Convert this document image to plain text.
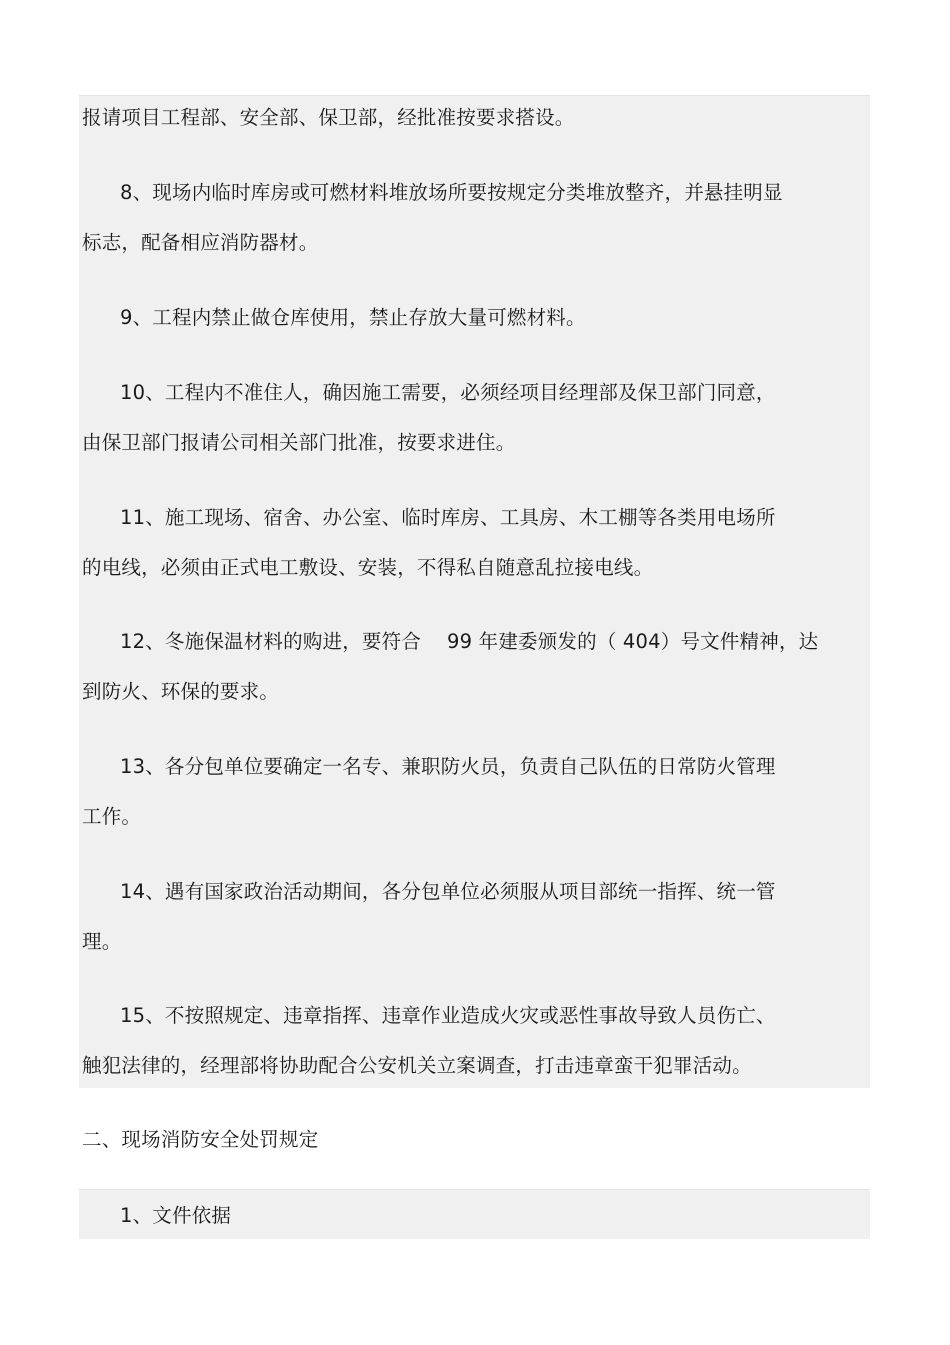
报请项目工程部、安全部、保卫部，经批准按要求搭设。
8、现场内临时库房或可燃材料堆放场所要按规定分类堆放整齐，并悬挂明显
标志，配备相应消防器材。
9、工程内禁止做仓库使用，禁止存放大量可燃材料。
10、工程内不准住人，确因施工需要，必须经项目经理部及保卫部门同意，
由保卫部门报请公司相关部门批准，按要求进住。
11、施工现场、宿舍、办公室、临时库房、工具房、木工棚等各类用电场所
的电线，必须由正式电工敷设、安装，不得私自随意乱拉接电线。
12、冬施保温材料的购进，要符合 99 年建委颁发的（ 404）号文件精神，达
到防火、环保的要求。
13、各分包单位要确定一名专、兼职防火员，负责自己队伍的日常防火管理
工作。
14、遇有国家政治活动期间，各分包单位必须服从项目部统一指挥、统一管
理。
15、不按照规定、违章指挥、违章作业造成火灾或恶性事故导致人员伤亡、
触犯法律的，经理部将协助配合公安机关立案调查，打击违章蛮干犯罪活动。
二、现场消防安全处罚规定
1、文件依据
